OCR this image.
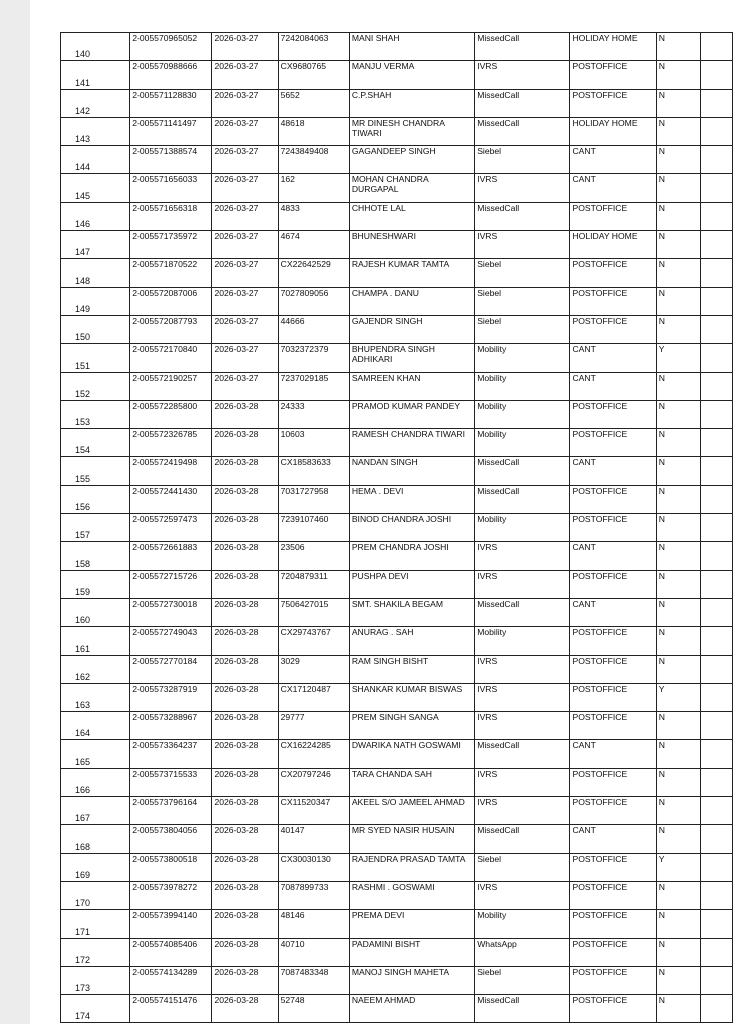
140	2-005570965052	2026-03-27	7242084063	MANI SHAH	MissedCall	HOLIDAY HOME	N	
141	2-005570988666	2026-03-27	CX9680765	MANJU VERMA	IVRS	POSTOFFICE	N	
142	2-005571128830	2026-03-27	5652	C.P.SHAH	MissedCall	POSTOFFICE	N	
143	2-005571141497	2026-03-27	48618	MR DINESH CHANDRA TIWARI	MissedCall	HOLIDAY HOME	N	
144	2-005571388574	2026-03-27	7243849408	GAGANDEEP SINGH	Siebel	CANT	N	
145	2-005571656033	2026-03-27	162	MOHAN CHANDRA DURGAPAL	IVRS	CANT	N	
146	2-005571656318	2026-03-27	4833	CHHOTE LAL	MissedCall	POSTOFFICE	N	
147	2-005571735972	2026-03-27	4674	BHUNESHWARI	IVRS	HOLIDAY HOME	N	
148	2-005571870522	2026-03-27	CX22642529	RAJESH KUMAR TAMTA	Siebel	POSTOFFICE	N	
149	2-005572087006	2026-03-27	7027809056	CHAMPA . DANU	Siebel	POSTOFFICE	N	
150	2-005572087793	2026-03-27	44666	GAJENDR SINGH	Siebel	POSTOFFICE	N	
151	2-005572170840	2026-03-27	7032372379	BHUPENDRA SINGH ADHIKARI	Mobility	CANT	Y	
152	2-005572190257	2026-03-27	7237029185	SAMREEN KHAN	Mobility	CANT	N	
153	2-005572285800	2026-03-28	24333	PRAMOD KUMAR PANDEY	Mobility	POSTOFFICE	N	
154	2-005572326785	2026-03-28	10603	RAMESH CHANDRA TIWARI	Mobility	POSTOFFICE	N	
155	2-005572419498	2026-03-28	CX18583633	NANDAN SINGH	MissedCall	CANT	N	
156	2-005572441430	2026-03-28	7031727958	HEMA . DEVI	MissedCall	POSTOFFICE	N	
157	2-005572597473	2026-03-28	7239107460	BINOD CHANDRA JOSHI	Mobility	POSTOFFICE	N	
158	2-005572661883	2026-03-28	23506	PREM CHANDRA JOSHI	IVRS	CANT	N	
159	2-005572715726	2026-03-28	7204879311	PUSHPA DEVI	IVRS	POSTOFFICE	N	
160	2-005572730018	2026-03-28	7506427015	SMT. SHAKILA BEGAM	MissedCall	CANT	N	
161	2-005572749043	2026-03-28	CX29743767	ANURAG . SAH	Mobility	POSTOFFICE	N	
162	2-005572770184	2026-03-28	3029	RAM SINGH BISHT	IVRS	POSTOFFICE	N	
163	2-005573287919	2026-03-28	CX17120487	SHANKAR KUMAR BISWAS	IVRS	POSTOFFICE	Y	
164	2-005573288967	2026-03-28	29777	PREM SINGH SANGA	IVRS	POSTOFFICE	N	
165	2-005573364237	2026-03-28	CX16224285	DWARIKA NATH GOSWAMI	MissedCall	CANT	N	
166	2-005573715533	2026-03-28	CX20797246	TARA CHANDA SAH	IVRS	POSTOFFICE	N	
167	2-005573796164	2026-03-28	CX11520347	AKEEL S/O JAMEEL AHMAD	IVRS	POSTOFFICE	N	
168	2-005573804056	2026-03-28	40147	MR SYED NASIR HUSAIN	MissedCall	CANT	N	
169	2-005573800518	2026-03-28	CX30030130	RAJENDRA PRASAD TAMTA	Siebel	POSTOFFICE	Y	
170	2-005573978272	2026-03-28	7087899733	RASHMI . GOSWAMI	IVRS	POSTOFFICE	N	
171	2-005573994140	2026-03-28	48146	PREMA DEVI	Mobility	POSTOFFICE	N	
172	2-005574085406	2026-03-28	40710	PADAMINI BISHT	WhatsApp	POSTOFFICE	N	
173	2-005574134289	2026-03-28	7087483348	MANOJ SINGH MAHETA	Siebel	POSTOFFICE	N	
174	2-005574151476	2026-03-28	52748	NAEEM AHMAD	MissedCall	POSTOFFICE	N	
